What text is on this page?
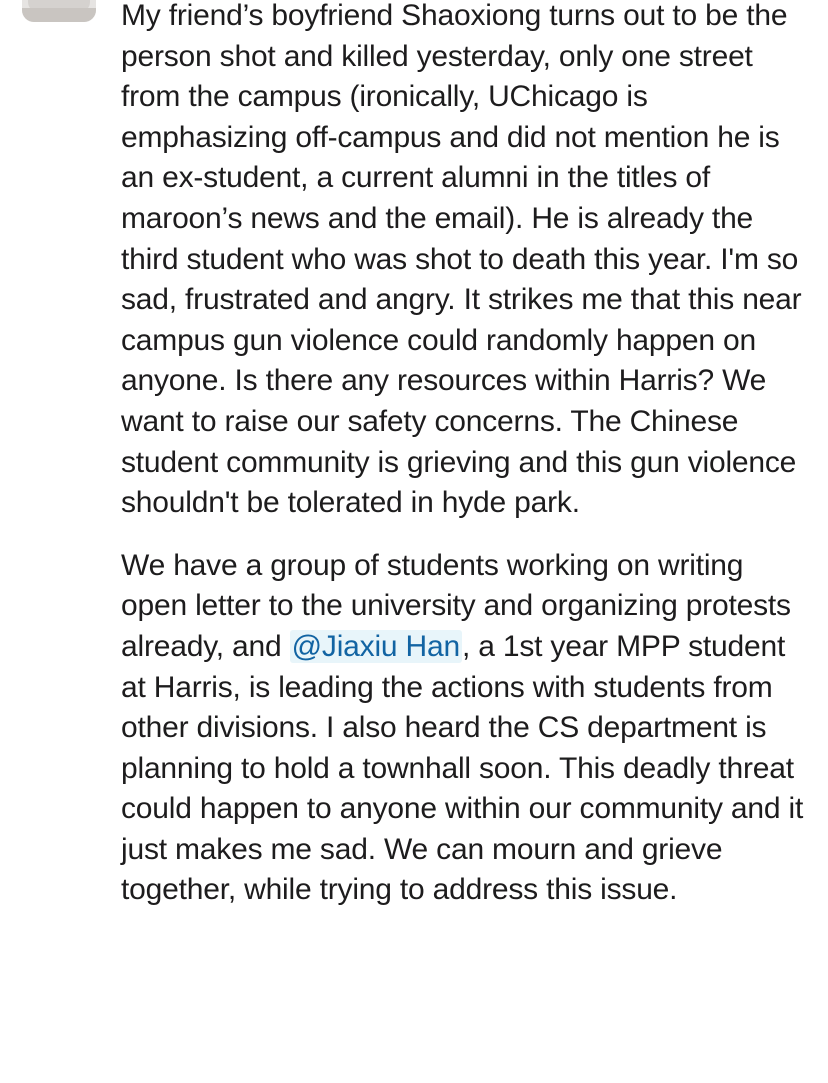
My friend’s boyfriend Shaoxiong turns out to be the person shot and killed yesterday, only one street from the campus (ironically, UChicago is emphasizing off-campus and did not mention he is an ex-student, a current alumni in the titles of maroon’s news and the email). He is already the third student who was shot to death this year. I'm so sad, frustrated and angry. It strikes me that this near campus gun violence could randomly happen on anyone. Is there any resources within Harris? We want to raise our safety concerns. The Chinese student community is grieving and this gun violence shouldn't be tolerated in hyde park.

We have a group of students working on writing open letter to the university and organizing protests already, and @Jiaxiu Han, a 1st year MPP student at Harris, is leading the actions with students from other divisions. I also heard the CS department is planning to hold a townhall soon. This deadly threat could happen to anyone within our community and it just makes me sad. We can mourn and grieve together, while trying to address this issue.
